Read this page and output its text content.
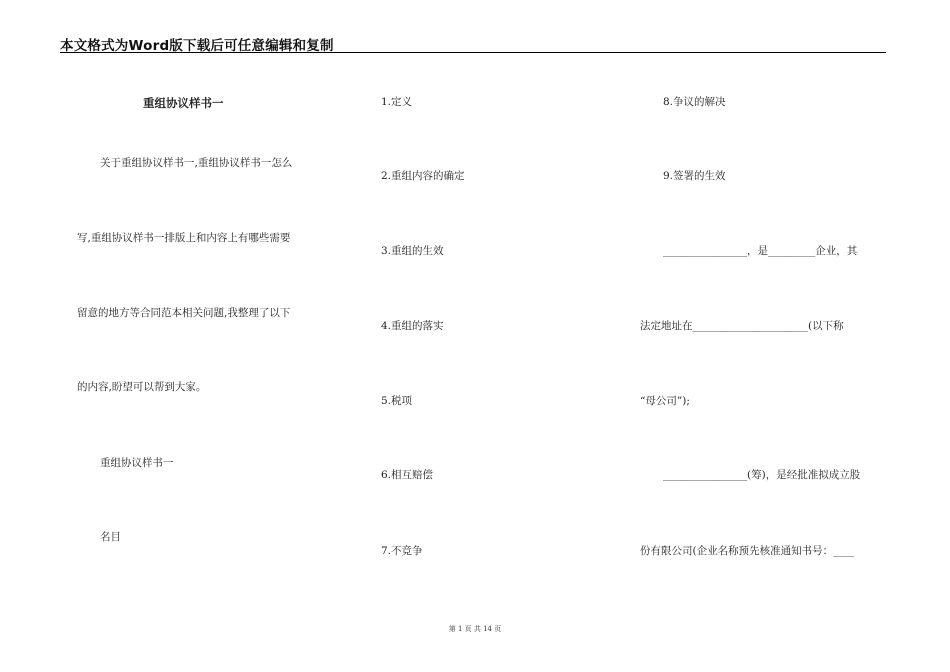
本文格式为Word版下载后可任意编辑和复制
重组协议样书一
关于重组协议样书一,重组协议样书一怎么
写,重组协议样书一排版上和内容上有哪些需要
留意的地方等合同范本相关问题,我整理了以下
的内容,盼望可以帮到大家。
重组协议样书一
名目
1.定义
2.重组内容的确定
3.重组的生效
4.重组的落实
5.税项
6.相互赔偿
7.不竞争
8.争议的解决
9.签署的生效
________________，是_________企业，其
法定地址在______________________(以下称
“母公司”);
________________(筹)，是经批准拟成立股
份有限公司(企业名称预先核准通知书号：____
第 1 页 共 14 页
